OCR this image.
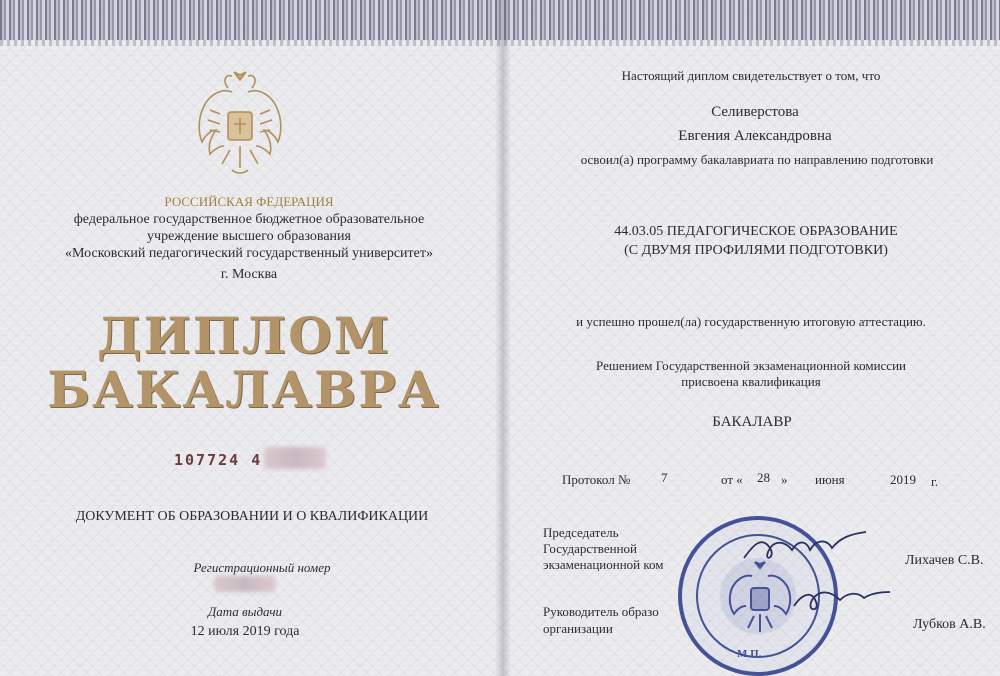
РОССИЙСКАЯ ФЕДЕРАЦИЯ
федеральное государственное бюджетное образовательное
учреждение высшего образования
«Московский педагогический государственный университет»
г. Москва
ДИПЛОМ
БАКАЛАВРА
107724 4
ДОКУМЕНТ ОБ ОБРАЗОВАНИИ И О КВАЛИФИКАЦИИ
Регистрационный номер
Дата выдачи
12 июля 2019 года
Настоящий диплом свидетельствует о том, что
Селиверстова
Евгения Александровна
освоил(а) программу бакалавриата по направлению подготовки
44.03.05 ПЕДАГОГИЧЕСКОЕ ОБРАЗОВАНИЕ
(С ДВУМЯ ПРОФИЛЯМИ ПОДГОТОВКИ)
и успешно прошел(ла) государственную итоговую аттестацию.
Решением Государственной экзаменационной комиссии
присвоена квалификация
БАКАЛАВР
Протокол № 7	от « 28 » июня	2019 г.
Председатель
Государственной
экзаменационной ком	Лихачев С.В.
Руководитель образо
организации	Лубков А.В.
М.П.
